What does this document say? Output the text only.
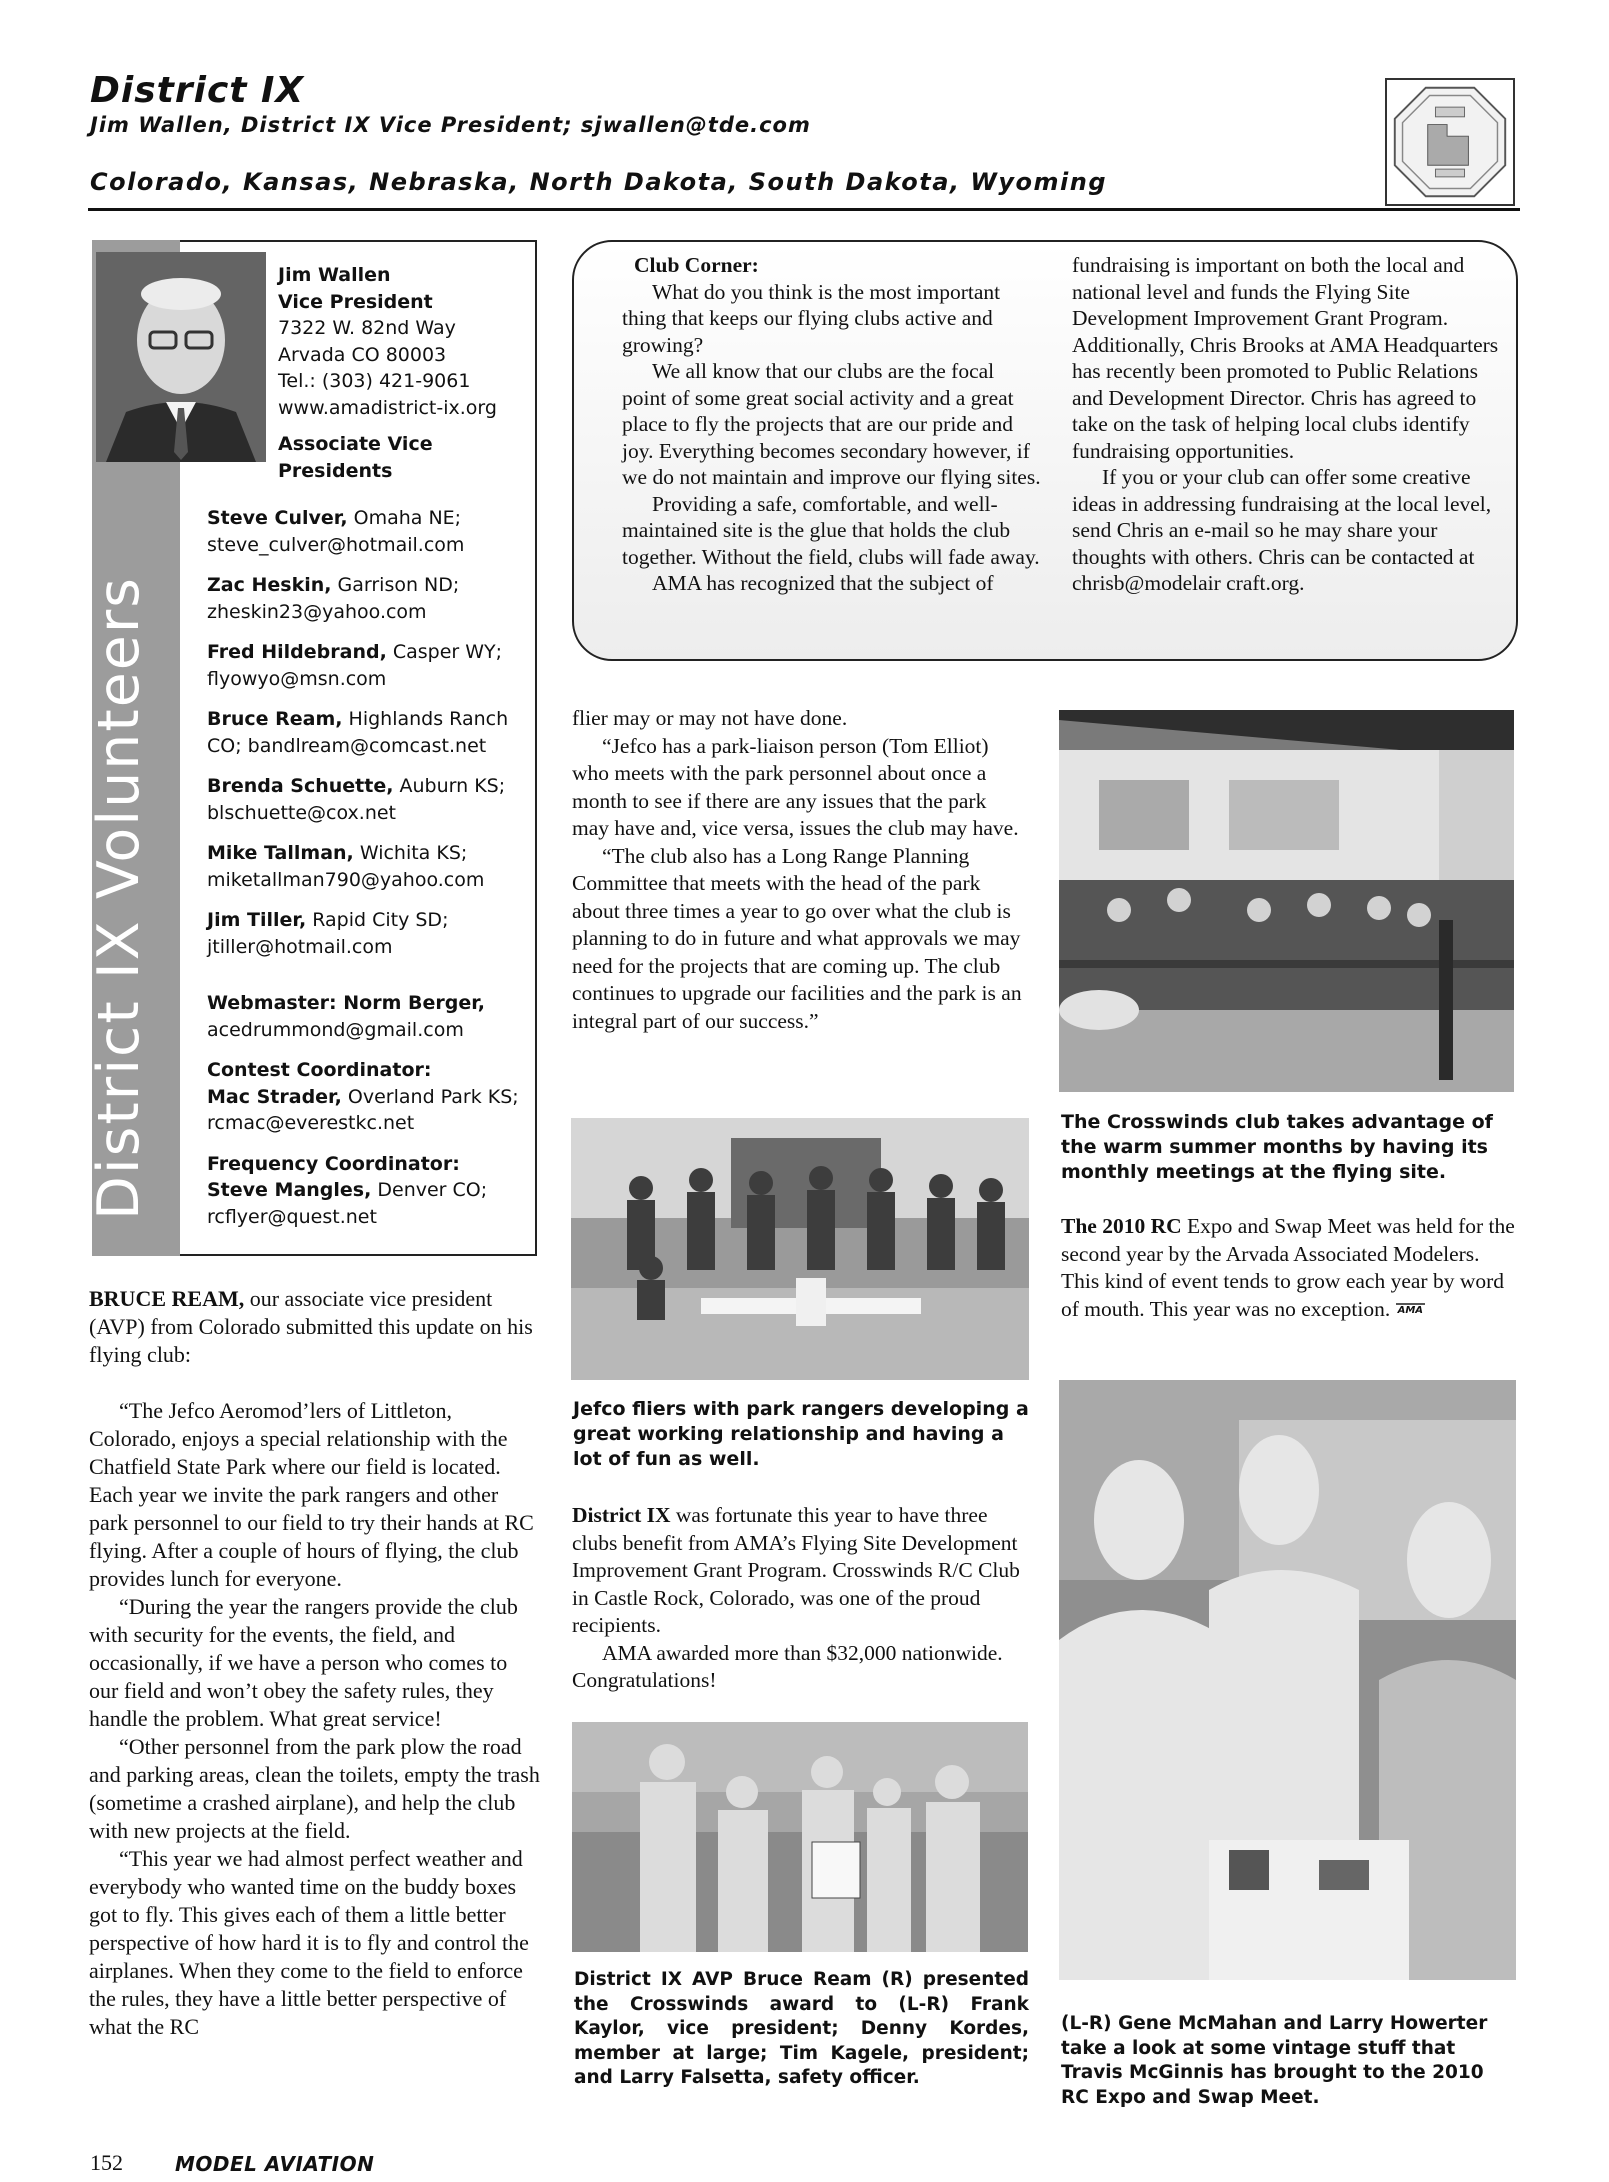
District IX
Jim Wallen, District IX Vice President; sjwallen@tde.com
Colorado, Kansas, Nebraska, North Dakota, South Dakota, Wyoming
District IX Volunteers
Jim Wallen
Vice President
7322 W. 82nd Way
Arvada CO 80003
Tel.: (303) 421-9061
www.amadistrict-ix.org
Associate Vice
Presidents
Steve Culver, Omaha NE;
steve_culver@hotmail.com
Zac Heskin, Garrison ND;
zheskin23@yahoo.com
Fred Hildebrand, Casper WY;
flyowyo@msn.com
Bruce Ream, Highlands Ranch
CO; bandlream@comcast.net
Brenda Schuette, Auburn KS;
blschuette@cox.net
Mike Tallman, Wichita KS;
miketallman790@yahoo.com
Jim Tiller, Rapid City SD;
jtiller@hotmail.com
Webmaster: Norm Berger,
acedrummond@gmail.com
Contest Coordinator:
Mac Strader, Overland Park KS;
rcmac@everestkc.net
Frequency Coordinator:
Steve Mangles, Denver CO;
rcflyer@quest.net

BRUCE REAM, our associate vice president (AVP) from Colorado submitted this update on his flying club:

“The Jefco Aeromod’lers of Littleton, Colorado, enjoys a special relationship with the Chatfield State Park where our field is located. Each year we invite the park rangers and other park personnel to our field to try their hands at RC flying. After a couple of hours of flying, the club provides lunch for everyone.

“During the year the rangers provide the club with security for the events, the field, and occasionally, if we have a person who comes to our field and won’t obey the safety rules, they handle the problem. What great service!

“Other personnel from the park plow the road and parking areas, clean the toilets, empty the trash (sometime a crashed airplane), and help the club with new projects at the field.

“This year we had almost perfect weather and everybody who wanted time on the buddy boxes got to fly. This gives each of them a little better perspective of how hard it is to fly and control the airplanes. When they come to the field to enforce the rules, they have a little better perspective of what the RC

Club Corner:

What do you think is the most important thing that keeps our flying clubs active and growing?

We all know that our clubs are the focal point of some great social activity and a great place to fly the projects that are our pride and joy. Everything becomes secondary however, if we do not maintain and improve our flying sites.

Providing a safe, comfortable, and well-maintained site is the glue that holds the club together. Without the field, clubs will fade away.

AMA has recognized that the subject of

fundraising is important on both the local and national level and funds the Flying Site Development Improvement Grant Program. Additionally, Chris Brooks at AMA Headquarters has recently been promoted to Public Relations and Development Director. Chris has agreed to take on the task of helping local clubs identify fundraising opportunities.

If you or your club can offer some creative ideas in addressing fundraising at the local level, send Chris an e-mail so he may share your thoughts with others. Chris can be contacted at chrisb@modelair craft.org.

flier may or may not have done.

“Jefco has a park-liaison person (Tom Elliot) who meets with the park personnel about once a month to see if there are any issues that the park may have and, vice versa, issues the club may have.

“The club also has a Long Range Planning Committee that meets with the head of the park about three times a year to go over what the club is planning to do in future and what approvals we may need for the projects that are coming up. The club continues to upgrade our facilities and the park is an integral part of our success.”

Jefco fliers with park rangers developing a great working relationship and having a lot of fun as well.

District IX was fortunate this year to have three clubs benefit from AMA’s Flying Site Development Improvement Grant Program. Crosswinds R/C Club in Castle Rock, Colorado, was one of the proud recipients.

AMA awarded more than $32,000 nationwide. Congratulations!

District IX AVP Bruce Ream (R) presented the Crosswinds award to (L-R) Frank Kaylor, vice president; Denny Kordes, member at large; Tim Kagele, president; and Larry Falsetta, safety officer.
The Crosswinds club takes advantage of the warm summer months by having its monthly meetings at the flying site.

The 2010 RC Expo and Swap Meet was held for the second year by the Arvada Associated Modelers. This kind of event tends to grow each year by word of mouth. This year was no exception. AMA

(L-R) Gene McMahan and Larry Howerter take a look at some vintage stuff that Travis McGinnis has brought to the 2010 RC Expo and Swap Meet.
152	MODEL AVIATION
